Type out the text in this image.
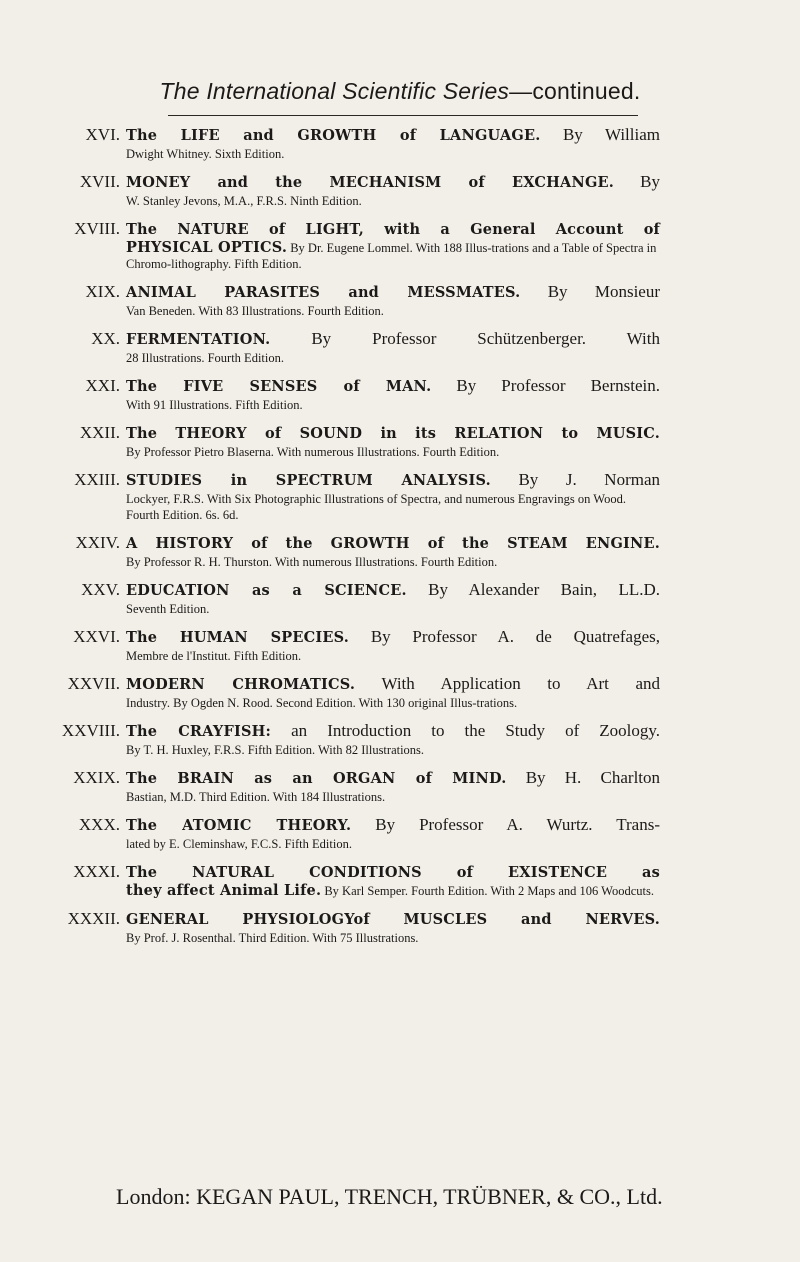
The International Scientific Series—continued.
XVI. The LIFE and GROWTH of LANGUAGE. By William
Dwight Whitney. Sixth Edition.
XVII. MONEY and the MECHANISM of EXCHANGE. By
W. Stanley Jevons, M.A., F.R.S. Ninth Edition.
XVIII. The NATURE of LIGHT, with a General Account of
PHYSICAL OPTICS. By Dr. Eugene Lommel. With 188 Illus-trations and a Table of Spectra in Chromo-lithography. Fifth Edition.
XIX. ANIMAL PARASITES and MESSMATES. By Monsieur
Van Beneden. With 83 Illustrations. Fourth Edition.
XX. FERMENTATION. By Professor Schützenberger. With
28 Illustrations. Fourth Edition.
XXI. The FIVE SENSES of MAN. By Professor Bernstein.
With 91 Illustrations. Fifth Edition.
XXII. The THEORY of SOUND in its RELATION to MUSIC.
By Professor Pietro Blaserna. With numerous Illustrations. Fourth Edition.
XXIII. STUDIES in SPECTRUM ANALYSIS. By J. Norman
Lockyer, F.R.S. With Six Photographic Illustrations of Spectra, and numerous Engravings on Wood. Fourth Edition. 6s. 6d.
XXIV. A HISTORY of the GROWTH of the STEAM ENGINE.
By Professor R. H. Thurston. With numerous Illustrations. Fourth Edition.
XXV. EDUCATION as a SCIENCE. By Alexander Bain, LL.D.
Seventh Edition.
XXVI. The HUMAN SPECIES. By Professor A. de Quatrefages,
Membre de l'Institut. Fifth Edition.
XXVII. MODERN CHROMATICS. With Application to Art and
Industry. By Ogden N. Rood. Second Edition. With 130 original Illus-trations.
XXVIII. The CRAYFISH: an Introduction to the Study of Zoology.
By T. H. Huxley, F.R.S. Fifth Edition. With 82 Illustrations.
XXIX. The BRAIN as an ORGAN of MIND. By H. Charlton
Bastian, M.D. Third Edition. With 184 Illustrations.
XXX. The ATOMIC THEORY. By Professor A. Wurtz. Trans-
lated by E. Cleminshaw, F.C.S. Fifth Edition.
XXXI. The NATURAL CONDITIONS of EXISTENCE as
they affect Animal Life. By Karl Semper. Fourth Edition. With 2 Maps and 106 Woodcuts.
XXXII. GENERAL PHYSIOLOGYof MUSCLES and NERVES.
By Prof. J. Rosenthal. Third Edition. With 75 Illustrations.
London: KEGAN PAUL, TRENCH, TRÜBNER, & CO., Ltd.
